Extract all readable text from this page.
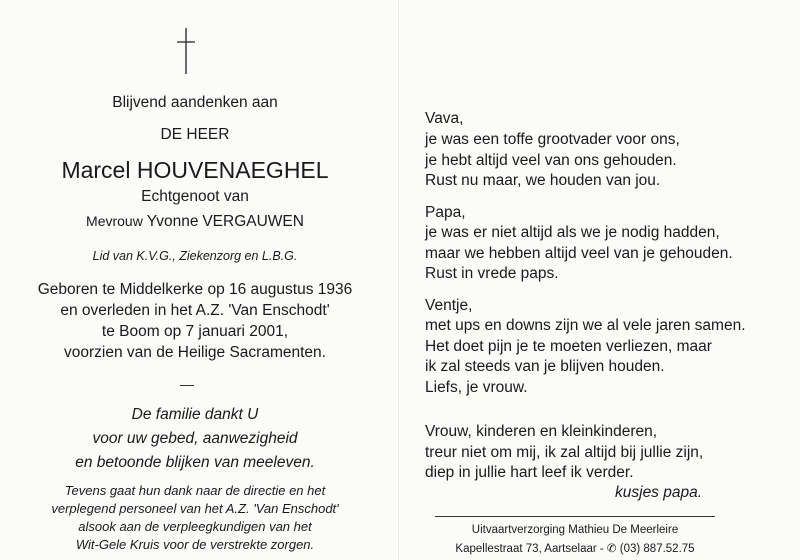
Blijvend aandenken aan
DE HEER
Marcel HOUVENAEGHEL
Echtgenoot van
Mevrouw Yvonne VERGAUWEN
Lid van K.V.G., Ziekenzorg en L.B.G.
Geboren te Middelkerke op 16 augustus 1936
en overleden in het A.Z. 'Van Enschodt'
te Boom op 7 januari 2001,
voorzien van de Heilige Sacramenten.
De familie dankt U
voor uw gebed, aanwezigheid
en betoonde blijken van meeleven.
Tevens gaat hun dank naar de directie en het
verplegend personeel van het A.Z. 'Van Enschodt'
alsook aan de verpleegkundigen van het
Wit-Gele Kruis voor de verstrekte zorgen.
Vava,
je was een toffe grootvader voor ons,
je hebt altijd veel van ons gehouden.
Rust nu maar, we houden van jou.
Papa,
je was er niet altijd als we je nodig hadden,
maar we hebben altijd veel van je gehouden.
Rust in vrede paps.
Ventje,
met ups en downs zijn we al vele jaren samen.
Het doet pijn je te moeten verliezen, maar
ik zal steeds van je blijven houden.
Liefs, je vrouw.
Vrouw, kinderen en kleinkinderen,
treur niet om mij, ik zal altijd bij jullie zijn,
diep in jullie hart leef ik verder.
kusjes papa.
Uitvaartverzorging Mathieu De Meerleire
Kapellestraat 73, Aartselaar - ✆ (03) 887.52.75
